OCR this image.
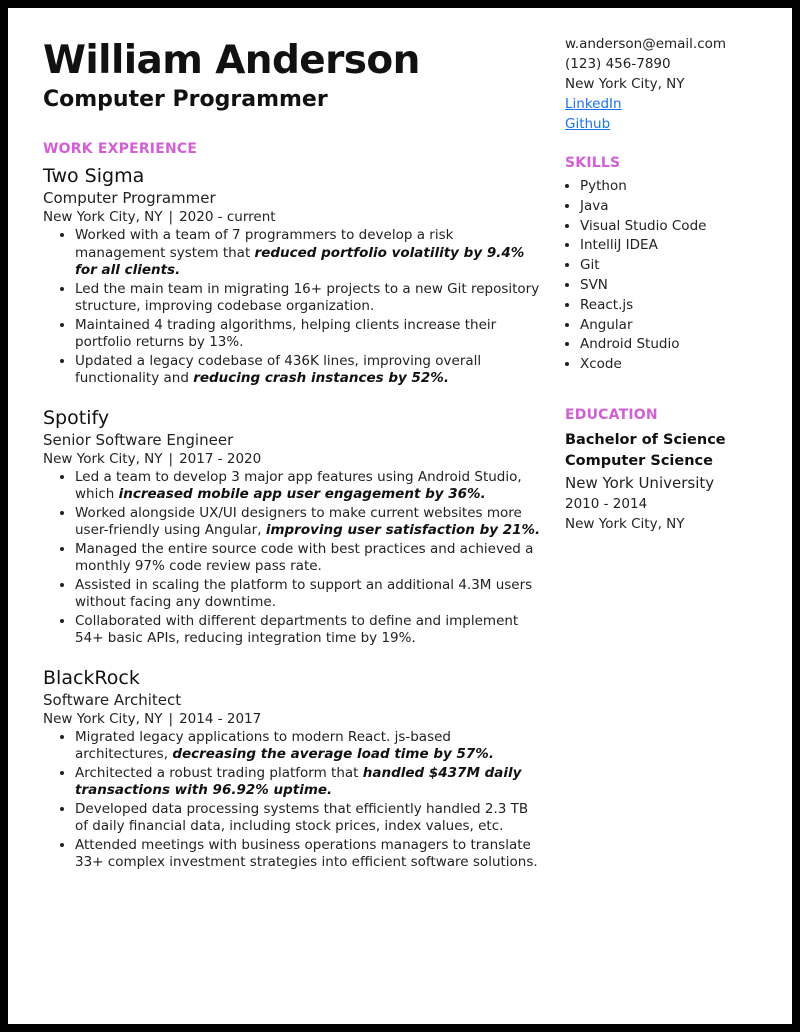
William Anderson
Computer Programmer
WORK EXPERIENCE
Two Sigma
Computer Programmer
New York City, NY | 2020 - current
• Worked with a team of 7 programmers to develop a risk management system that reduced portfolio volatility by 9.4% for all clients.
• Led the main team in migrating 16+ projects to a new Git repository structure, improving codebase organization.
• Maintained 4 trading algorithms, helping clients increase their portfolio returns by 13%.
• Updated a legacy codebase of 436K lines, improving overall functionality and reducing crash instances by 52%.
Spotify
Senior Software Engineer
New York City, NY | 2017 - 2020
• Led a team to develop 3 major app features using Android Studio, which increased mobile app user engagement by 36%.
• Worked alongside UX/UI designers to make current websites more user-friendly using Angular, improving user satisfaction by 21%.
• Managed the entire source code with best practices and achieved a monthly 97% code review pass rate.
• Assisted in scaling the platform to support an additional 4.3M users without facing any downtime.
• Collaborated with different departments to define and implement 54+ basic APIs, reducing integration time by 19%.
BlackRock
Software Architect
New York City, NY | 2014 - 2017
• Migrated legacy applications to modern React. js-based architectures, decreasing the average load time by 57%.
• Architected a robust trading platform that handled $437M daily transactions with 96.92% uptime.
• Developed data processing systems that efficiently handled 2.3 TB of daily financial data, including stock prices, index values, etc.
• Attended meetings with business operations managers to translate 33+ complex investment strategies into efficient software solutions.
w.anderson@email.com
(123) 456-7890
New York City, NY
LinkedIn
Github
SKILLS
• Python
• Java
• Visual Studio Code
• IntelliJ IDEA
• Git
• SVN
• React.js
• Angular
• Android Studio
• Xcode
EDUCATION
Bachelor of Science
Computer Science
New York University
2010 - 2014
New York City, NY
